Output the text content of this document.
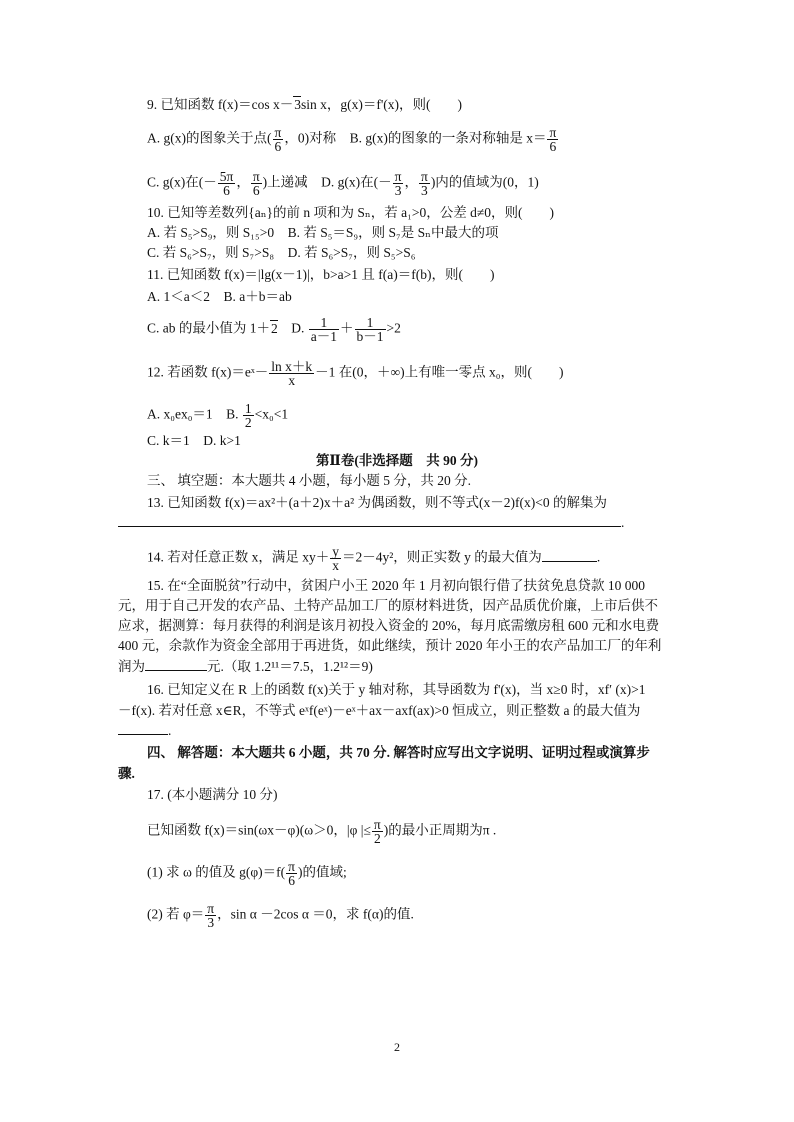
9. 已知函数 f(x)＝cos x－3sin x，g(x)＝f'(x)，则(　　)
A. g(x)的图象关于点( $\frac{\pi}{6}$ ，0)对称　 B. g(x)的图象的一条对称轴是 $x= \frac{\pi}{6}$
C. g(x)在(－ $\frac{5\pi}{6}$ ， $\frac{\pi}{6}$ )上递减　 D. g(x)在(－ $\frac{\pi}{3}$ ， $\frac{\pi}{3}$ )内的值域为(0，1)
10. 已知等差数列{aₙ}的前 n 项和为 Sₙ，若 a₁>0，公差 d≠0，则(　　)
A. 若 S₅>S₉，则 S₁₅>0　B. 若 S₅＝S₉，则 S₇是 Sₙ中最大的项
C. 若 S₆>S₇，则 S₇>S₈　D. 若 S₆>S₇，则 S₅>S₆
11. 已知函数 f(x)＝|lg(x－1)|，b>a>1 且 f(a)＝f(b)，则(　　)
A. 1＜a＜2　B. a＋b＝ab
C. ab 的最小值为 1＋2　D. $\frac{1}{a-1} + \frac{1}{b-1} >2$
12. 若函数 f(x)＝eˣ－ $\frac{\text{ln x＋k}}{x} -1$ 在(0，＋∞)上有唯一零点 x₀，则(　　)
A. x₀ex₀＝1　B. $\frac{1}{2} <x_0<1$
C. k＝1　D. k>1
第Ⅱ卷(非选择题　共 90 分)
三、 填空题：本大题共 4 小题，每小题 5 分，共 20 分.
13. 已知函数 f(x)＝ax²＋(a＋2)x＋a² 为偶函数，则不等式(x－2)f(x)<0 的解集为
.
14. 若对任意正数 x，满足 $xy+ \frac{y}{x} =2-4y^2$，则正实数 y 的最大值为	.
15. 在“全面脱贫”行动中，贫困户小王 2020 年 1 月初向银行借了扶贫免息贷款 10 000
元，用于自己开发的农产品、土特产品加工厂的原材料进货，因产品质优价廉，上市后供不
应求，据测算：每月获得的利润是该月初投入资金的 20%，每月底需缴房租 600 元和水电费
400 元，余款作为资金全部用于再进货，如此继续，预计 2020 年小王的农产品加工厂的年利
润为	元.（取 1.2¹¹＝7.5，1.2¹²＝9)
16. 已知定义在 R 上的函数 f(x)关于 y 轴对称，其导函数为 f'(x)，当 x≥0 时，xf′ (x)>1
－f(x). 若对任意 x∈R，不等式 eˣf(eˣ)－eˣ＋ax－axf(ax)>0 恒成立，则正整数 a 的最大值为
.
四、 解答题：本大题共 6 小题，共 70 分. 解答时应写出文字说明、证明过程或演算步
骤.
17. (本小题满分 10 分)
已知函数 f(x)＝sin(ωx－φ)(ω＞0，|φ |≤ $\frac{\pi}{2}$ )的最小正周期为π .
(1) 求 ω 的值及 $g(\varphi)=f( \frac{\pi}{6}$ )的值域;
(2) 若 $\varphi= \frac{\pi}{3}$ ，sin α －2cos α ＝0，求 f(α)的值.
2
